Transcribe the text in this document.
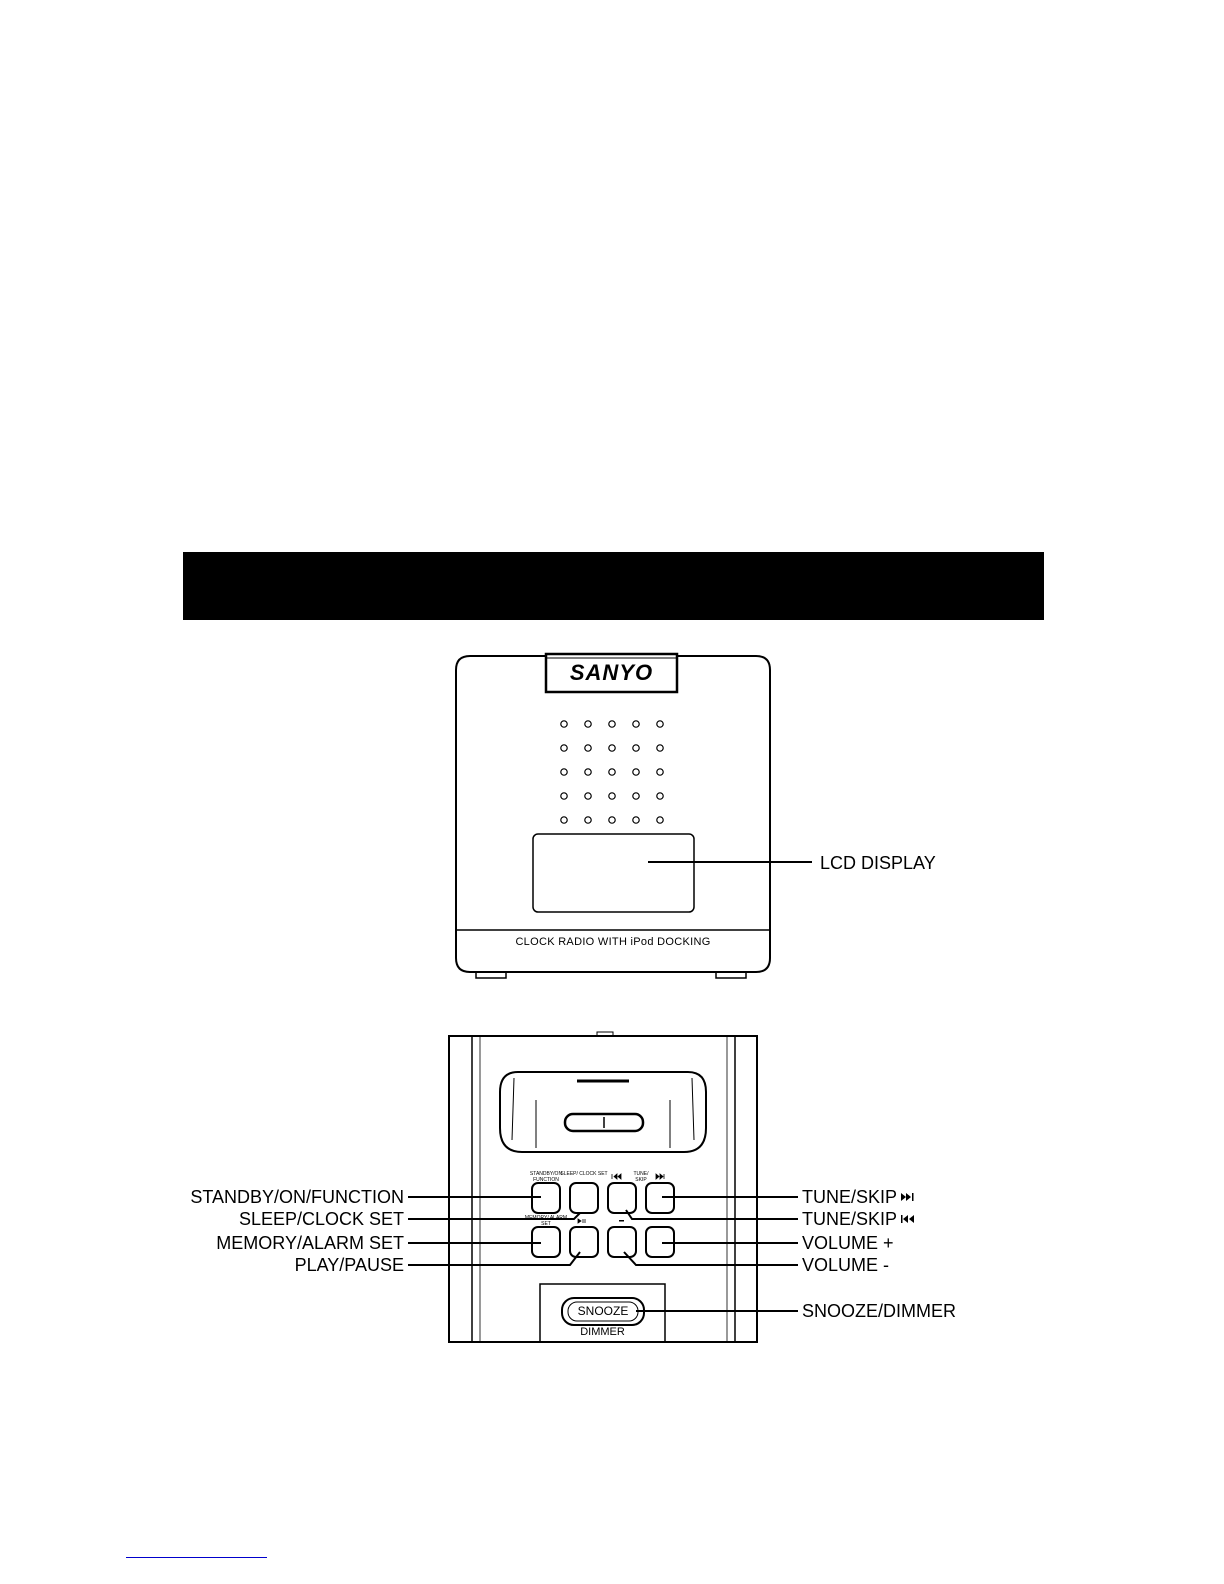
SANYO
CLOCK RADIO WITH iPod DOCKING
LCD DISPLAY
STANDBY/ON FUNCTION
SLEEP/ CLOCK SET	TUNE/ SKIP
MEMORY/ ALARM SET
SNOOZE
DIMMER
STANDBY/ON/FUNCTION
SLEEP/CLOCK SET
MEMORY/ALARM SET
PLAY/PAUSE
TUNE/SKIP
TUNE/SKIP
VOLUME +
VOLUME -
SNOOZE/DIMMER
